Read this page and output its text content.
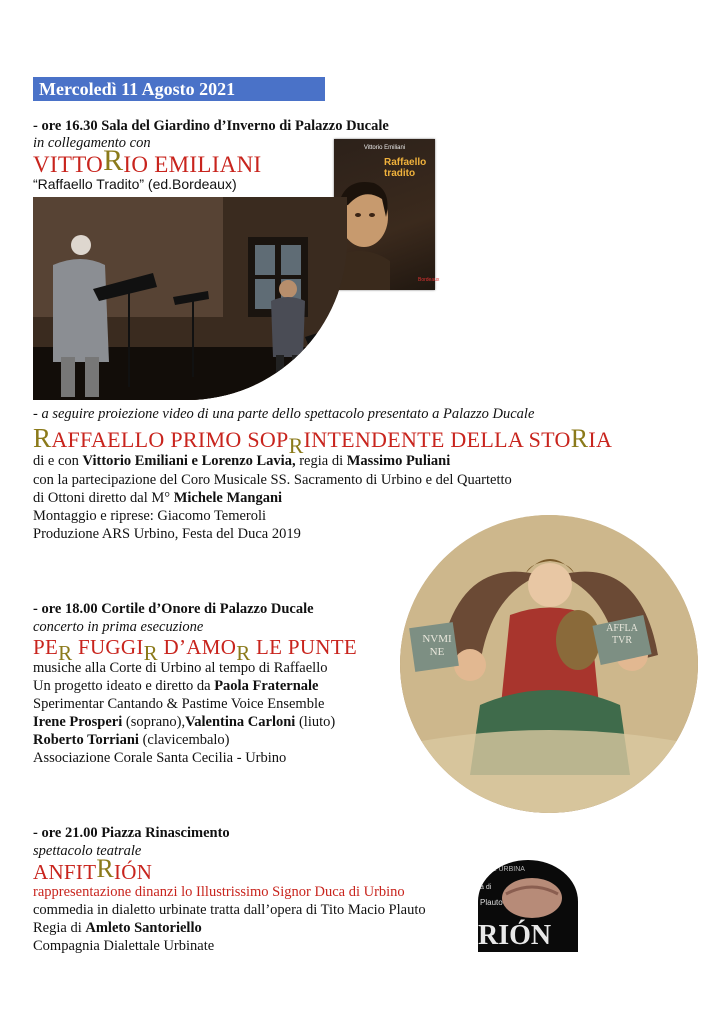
Mercoledì 11 Agosto 2021
- ore 16.30 Sala del Giardino d’Inverno di Palazzo Ducale
in collegamento con
VITTORIO EMILIANI
“Raffaello Tradito” (ed.Bordeaux)
Vittorio Emiliani
Raffaello tradito
Bordeaux
- a seguire proiezione video di una parte dello spettacolo presentato a Palazzo Ducale
RAFFAELLO PRIMO SOPRINTENDENTE DELLA STORIA
di e con Vittorio Emiliani e Lorenzo Lavia, regia di Massimo Puliani
con la partecipazione del Coro Musicale SS. Sacramento di Urbino e del Quartetto
di Ottoni diretto dal M° Michele Mangani
Montaggio e riprese: Giacomo Temeroli
Produzione ARS Urbino, Festa del Duca 2019
NVMI NE
AFFLA TVR
- ore 18.00 Cortile d’Onore di Palazzo Ducale
concerto in prima esecuzione
PER FUGGIR D’AMOR LE PUNTE
musiche alla Corte di Urbino al tempo di Raffaello
Un progetto ideato e diretto da Paola Fraternale
Sperimentar Cantando & Pastime Voice Ensemble
Irene Prosperi (soprano),Valentina Carloni (liuto)
Roberto Torriani (clavicembalo)
Associazione Corale Santa Cecilia - Urbino
- ore 21.00 Piazza Rinascimento
spettacolo teatrale
ANFITRIÓN
rappresentazione dinanzi lo Illustrissimo Signor Duca di Urbino
commedia in dialetto urbinate tratta dall’opera di Tito Macio Plauto
Regia di Amleto Santoriello
Compagnia Dialettale Urbinate
LE URBINA
a di
Plauto
RIÓN
